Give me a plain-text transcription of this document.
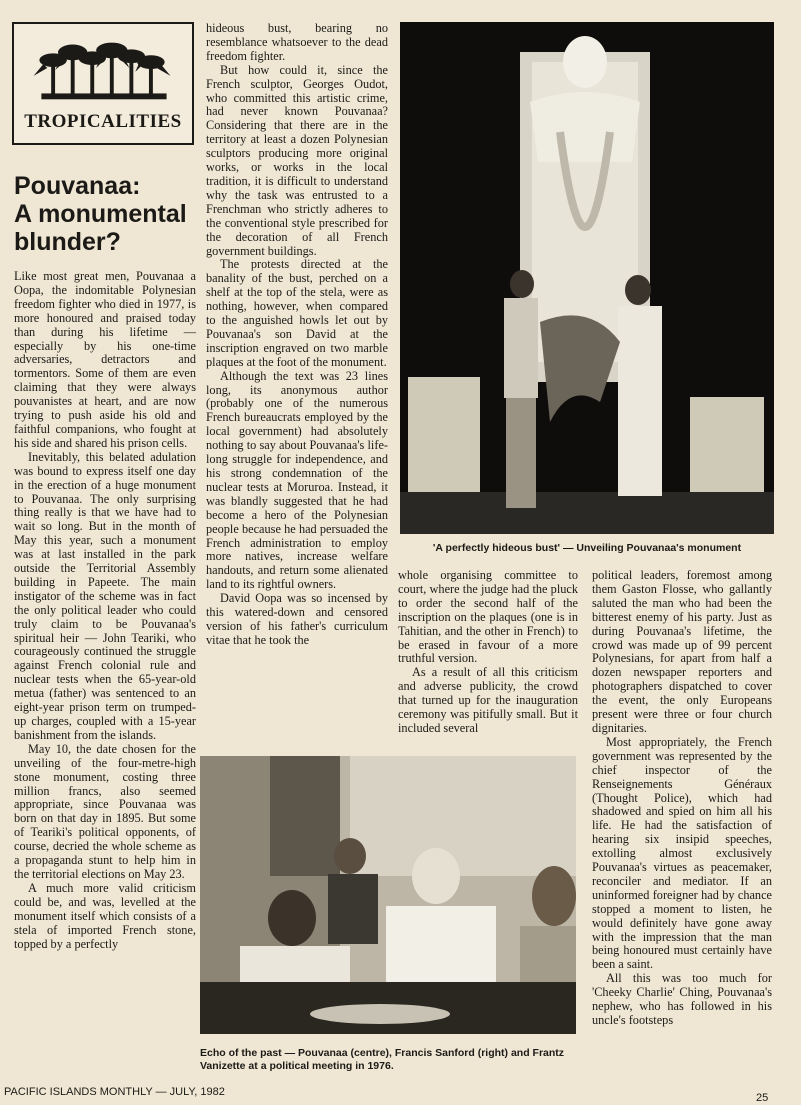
TROPICALITIES
Pouvanaa:
A monumental
blunder?

Like most great men, Pouvanaa a Oopa, the indomitable Polynesian freedom fighter who died in 1977, is more honoured and praised today than during his lifetime — especially by his one-time adversaries, detractors and tormentors. Some of them are even claiming that they were always pouvanistes at heart, and are now trying to push aside his old and faithful companions, who fought at his side and shared his prison cells.

Inevitably, this belated adulation was bound to express itself one day in the erection of a huge monument to Pouvanaa. The only surprising thing really is that we have had to wait so long. But in the month of May this year, such a monument was at last installed in the park outside the Territorial Assembly building in Papeete. The main instigator of the scheme was in fact the only political leader who could truly claim to be Pouvanaa's spiritual heir — John Teariki, who courageously continued the struggle against French colonial rule and nuclear tests when the 65-year-old metua (father) was sentenced to an eight-year prison term on trumped-up charges, coupled with a 15-year banishment from the islands.

May 10, the date chosen for the unveiling of the four-metre-high stone monument, costing three million francs, also seemed appropriate, since Pouvanaa was born on that day in 1895. But some of Teariki's political opponents, of course, decried the whole scheme as a propaganda stunt to help him in the territorial elections on May 23.

A much more valid criticism could be, and was, levelled at the monument itself which consists of a stela of imported French stone, topped by a perfectly

hideous bust, bearing no resemblance whatsoever to the dead freedom fighter.

But how could it, since the French sculptor, Georges Oudot, who committed this artistic crime, had never known Pouvanaa? Considering that there are in the territory at least a dozen Polynesian sculptors producing more original works, or works in the local tradition, it is difficult to understand why the task was entrusted to a Frenchman who strictly adheres to the conventional style prescribed for the decoration of all French government buildings.

The protests directed at the banality of the bust, perched on a shelf at the top of the stela, were as nothing, however, when compared to the anguished howls let out by Pouvanaa's son David at the inscription engraved on two marble plaques at the foot of the monument.

Although the text was 23 lines long, its anonymous author (probably one of the numerous French bureaucrats employed by the local government) had absolutely nothing to say about Pouvanaa's life-long struggle for independence, and his strong condemnation of the nuclear tests at Moruroa. Instead, it was blandly suggested that he had become a hero of the Polynesian people because he had persuaded the French administration to employ more natives, increase welfare handouts, and return some alienated land to its rightful owners.

David Oopa was so incensed by this watered-down and censored version of his father's curriculum vitae that he took the

'A perfectly hideous bust' — Unveiling Pouvanaa's monument

whole organising committee to court, where the judge had the pluck to order the second half of the inscription on the plaques (one is in Tahitian, and the other in French) to be erased in favour of a more truthful version.

As a result of all this criticism and adverse publicity, the crowd that turned up for the inauguration ceremony was pitifully small. But it included several

political leaders, foremost among them Gaston Flosse, who gallantly saluted the man who had been the bitterest enemy of his party. Just as during Pouvanaa's lifetime, the crowd was made up of 99 percent Polynesians, for apart from half a dozen newspaper reporters and photographers dispatched to cover the event, the only Europeans present were three or four church dignitaries.

Most appropriately, the French government was represented by the chief inspector of the Renseignements Généraux (Thought Police), which had shadowed and spied on him all his life. He had the satisfaction of hearing six insipid speeches, extolling almost exclusively Pouvanaa's virtues as peacemaker, reconciler and mediator. If an uninformed foreigner had by chance stopped a moment to listen, he would definitely have gone away with the impression that the man being honoured must certainly have been a saint.

All this was too much for 'Cheeky Charlie' Ching, Pouvanaa's nephew, who has followed in his uncle's footsteps

Echo of the past — Pouvanaa (centre), Francis Sanford (right) and Frantz Vanizette at a political meeting in 1976.
PACIFIC ISLANDS MONTHLY — JULY, 1982	25
